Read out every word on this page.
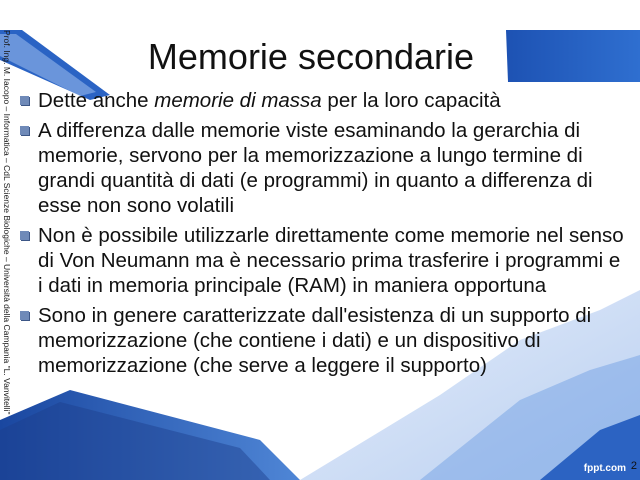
Prof. Ing. M. Iacopo – Informatica – CdL Scienze Biologiche – Università della Campania "L. Vanvitelli"	Memorie secondarie
Dette anche memorie di massa per la loro capacità
A differenza dalle memorie viste esaminando la gerarchia di memorie, servono per la memorizzazione a lungo termine di grandi quantità di dati (e programmi) in quanto a differenza di esse non sono volatili
Non è possibile utilizzarle direttamente come memorie nel senso di Von Neumann ma è necessario prima trasferire i programmi e i dati in memoria principale (RAM) in maniera opportuna
Sono in genere caratterizzate dall'esistenza di un supporto di memorizzazione (che contiene i dati) e un dispositivo di memorizzazione (che serve a leggere il supporto)
fppt.com 2
